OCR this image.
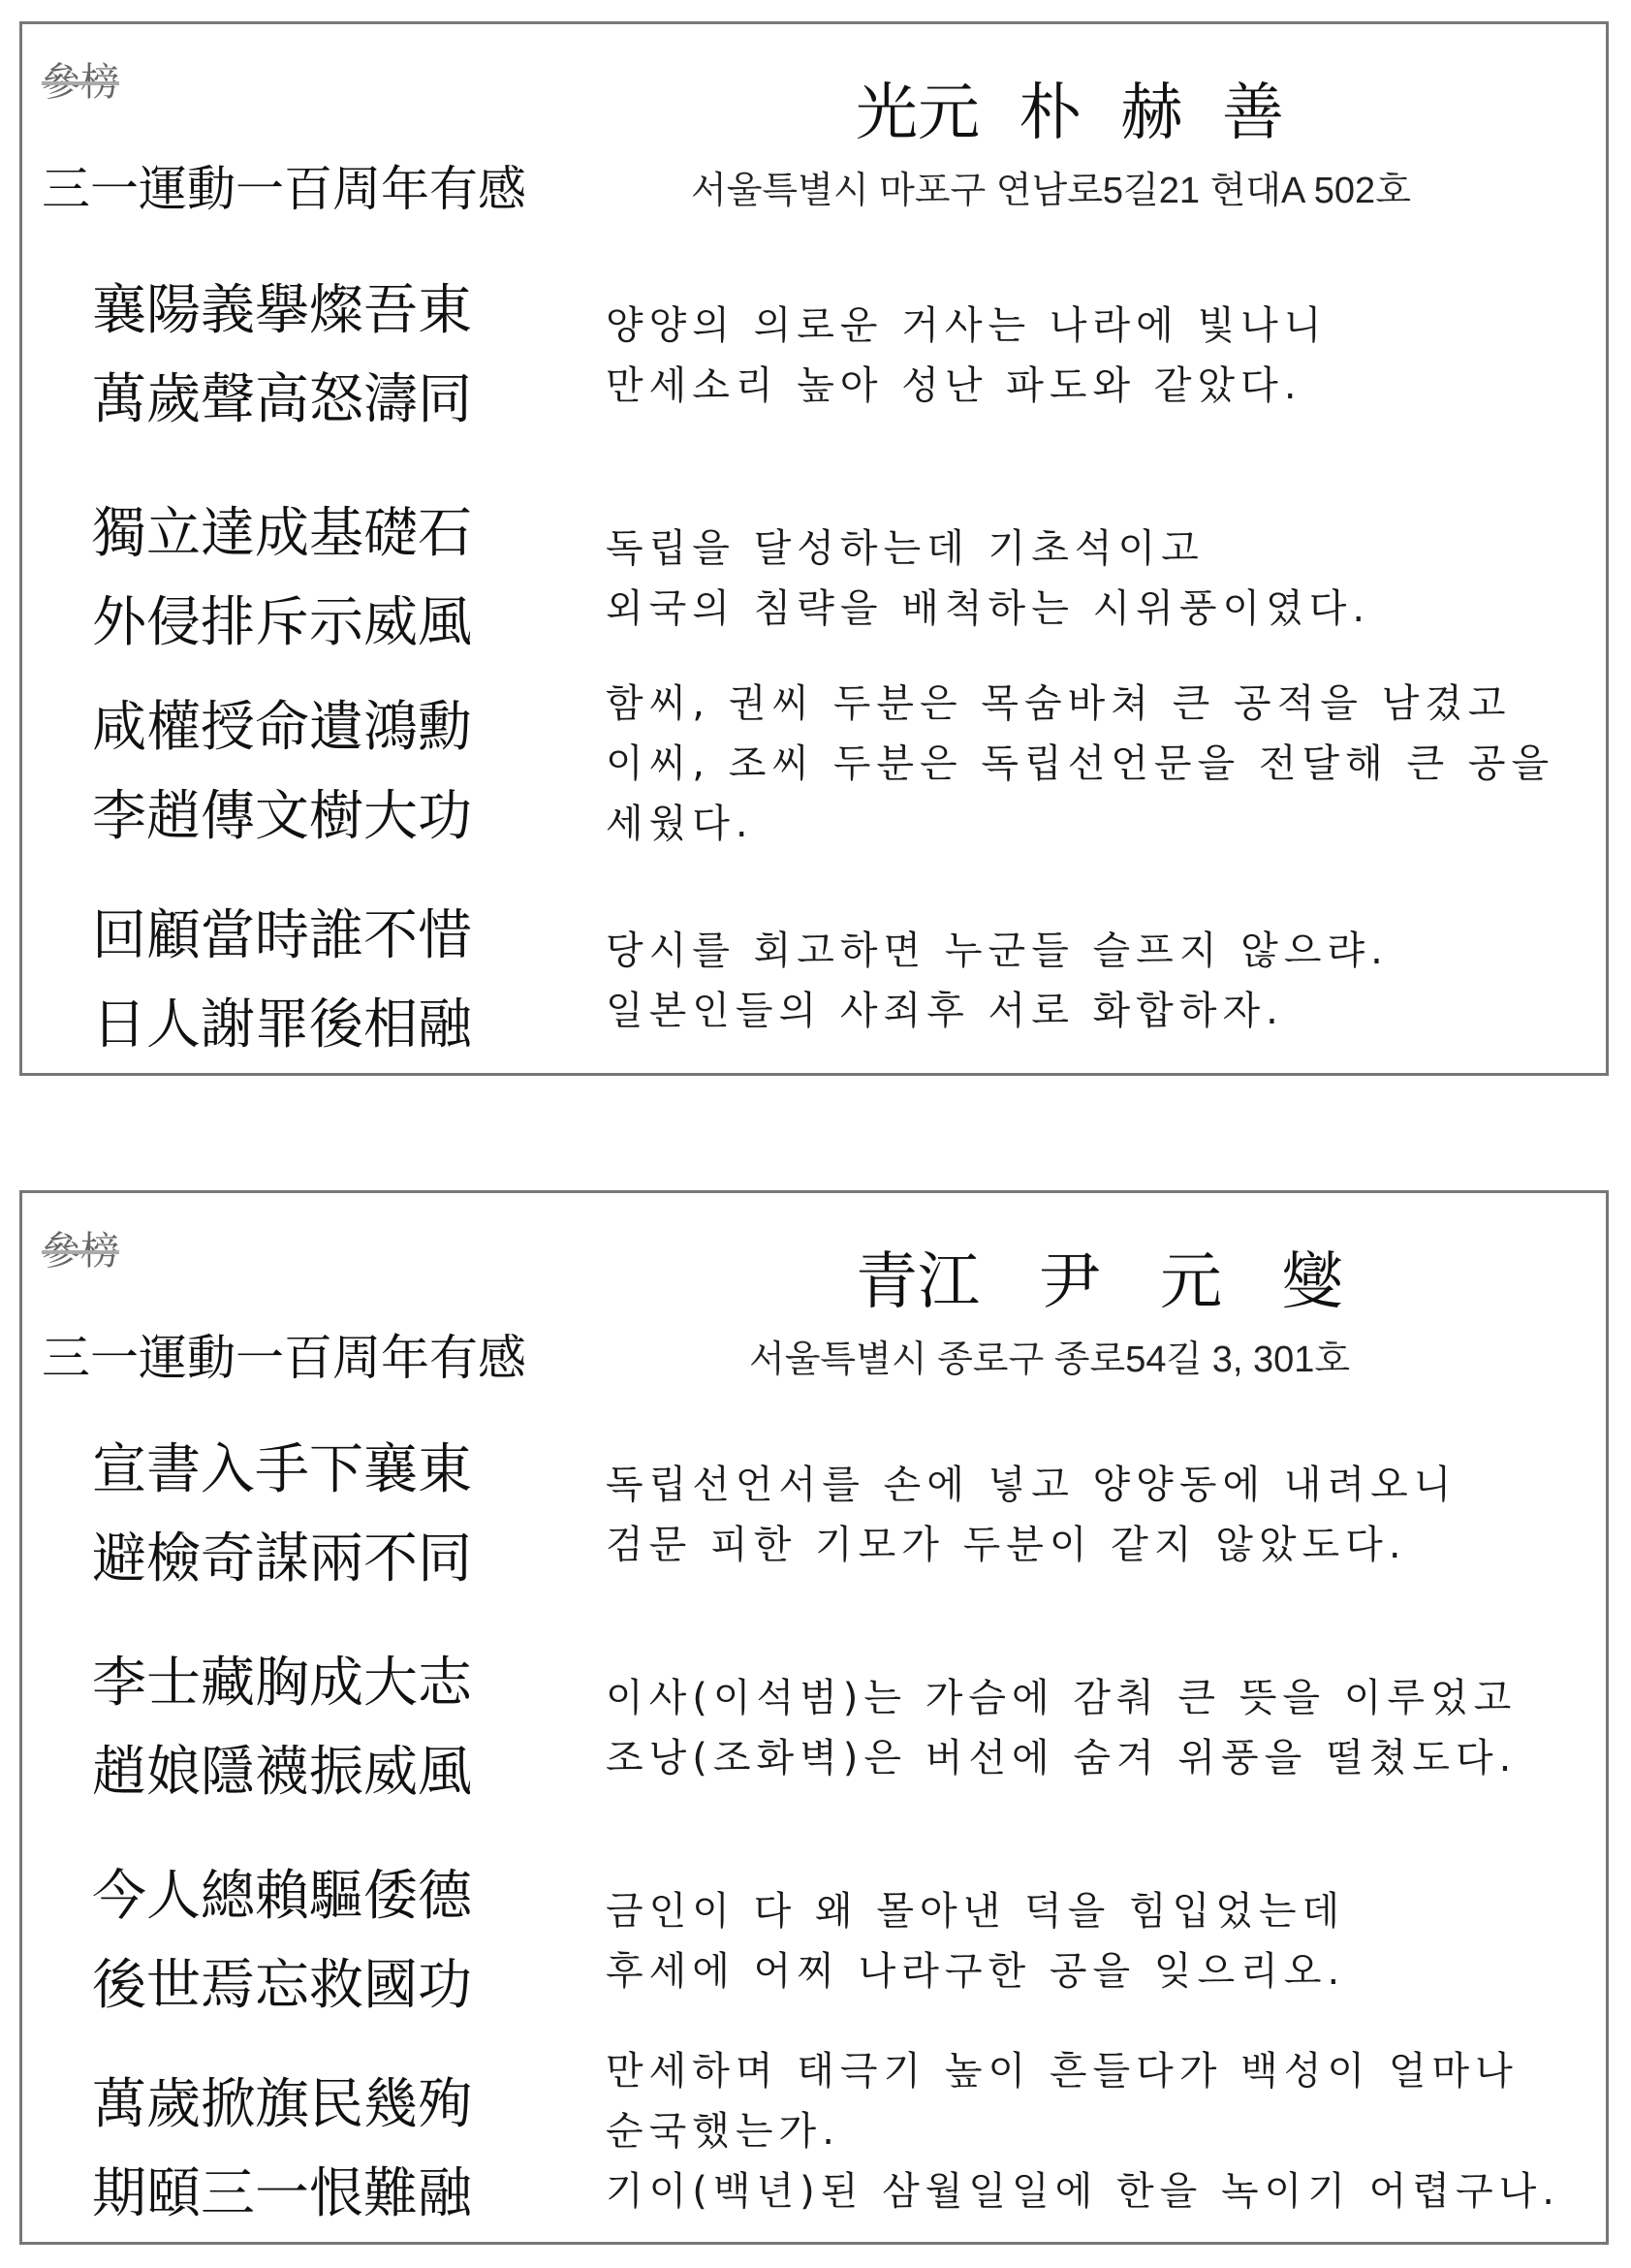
參榜
三一運動一百周年有感
光元  朴  赫  善
서울특별시 마포구 연남로5길21 현대A 502호
襄陽義擧燦吾東
萬歲聲高怒濤同
양양의 의로운 거사는 나라에 빛나니
만세소리 높아 성난 파도와 같았다.
獨立達成基礎石
外侵排斥示威風
독립을 달성하는데 기초석이고
외국의 침략을 배척하는 시위풍이였다.
咸權授命遺鴻勳
李趙傳文樹大功
함씨, 권씨 두분은 목숨바쳐 큰 공적을 남겼고
이씨, 조씨 두분은 독립선언문을 전달해 큰 공을
세웠다.
回顧當時誰不惜
日人謝罪後相融
당시를 회고하면 누군들 슬프지 않으랴.
일본인들의 사죄후 서로 화합하자.
參榜
三一運動一百周年有感
青江   尹   元   燮
서울특별시 종로구 종로54길 3, 301호
宣書入手下襄東
避檢奇謀兩不同
독립선언서를 손에 넣고 양양동에 내려오니
검문 피한 기모가 두분이 같지 않았도다.
李士藏胸成大志
趙娘隱襪振威風
이사(이석범)는 가슴에 감춰 큰 뜻을 이루었고
조낭(조화벽)은 버선에 숨겨 위풍을 떨쳤도다.
今人總賴驅倭德
後世焉忘救國功
금인이 다 왜 몰아낸 덕을 힘입었는데
후세에 어찌 나라구한 공을 잊으리오.
萬歲掀旗民幾殉
期頤三一恨難融
만세하며 태극기 높이 흔들다가 백성이 얼마나
순국했는가.
기이(백년)된 삼월일일에 한을 녹이기 어렵구나.
